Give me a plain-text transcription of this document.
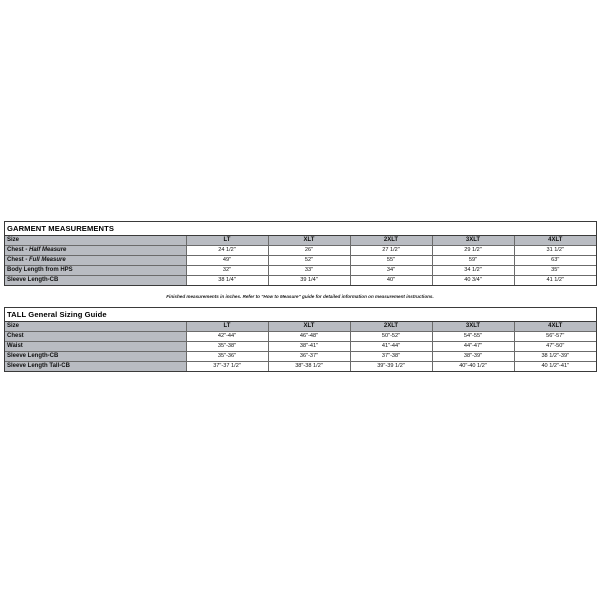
GARMENT MEASUREMENTS
Size	LT	XLT	2XLT	3XLT	4XLT
Chest - Half Measure	24 1/2"	26"	27 1/2"	29 1/2"	31 1/2"
Chest - Full Measure	49"	52"	55"	59"	63"
Body Length from HPS	32"	33"	34"	34 1/2"	35"
Sleeve Length-CB	38 1/4"	39 1/4"	40"	40 3/4"	41 1/2"
Finished measurements in inches. Refer to "How to Measure" guide for detailed information on measurement instructions.
TALL General Sizing Guide
Size	LT	XLT	2XLT	3XLT	4XLT
Chest	42"-44"	46"-48"	50"-52"	54"-55"	56"-57"
Waist	35"-38"	38"-41"	41"-44"	44"-47"	47"-50"
Sleeve Length-CB	35"-36"	36"-37"	37"-38"	38"-39"	38 1/2"-39"
Sleeve Length Tall-CB	37"-37 1/2"	38"-38 1/2"	39"-39 1/2"	40"-40 1/2"	40 1/2"-41"
